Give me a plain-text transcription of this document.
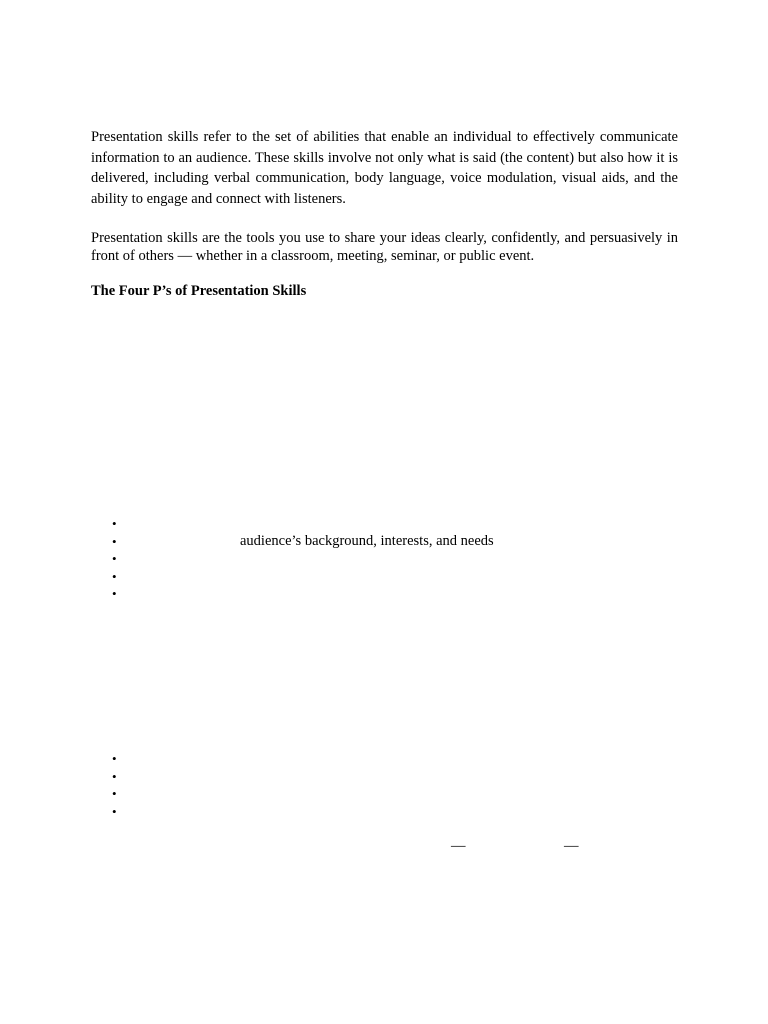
Presentation skills refer to the set of abilities that enable an individual to effectively communicate information to an audience. These skills involve not only what is said (the content) but also how it is delivered, including verbal communication, body language, voice modulation, visual aids, and the ability to engage and connect with listeners.

Presentation skills are the tools you use to share your ideas clearly, confidently, and persuasively in front of others — whether in a classroom, meeting, seminar, or public event.

The Four P’s of Presentation Skills

•
•	audience’s background, interests, and needs
•
•
•
•
•
•
•
—	—
